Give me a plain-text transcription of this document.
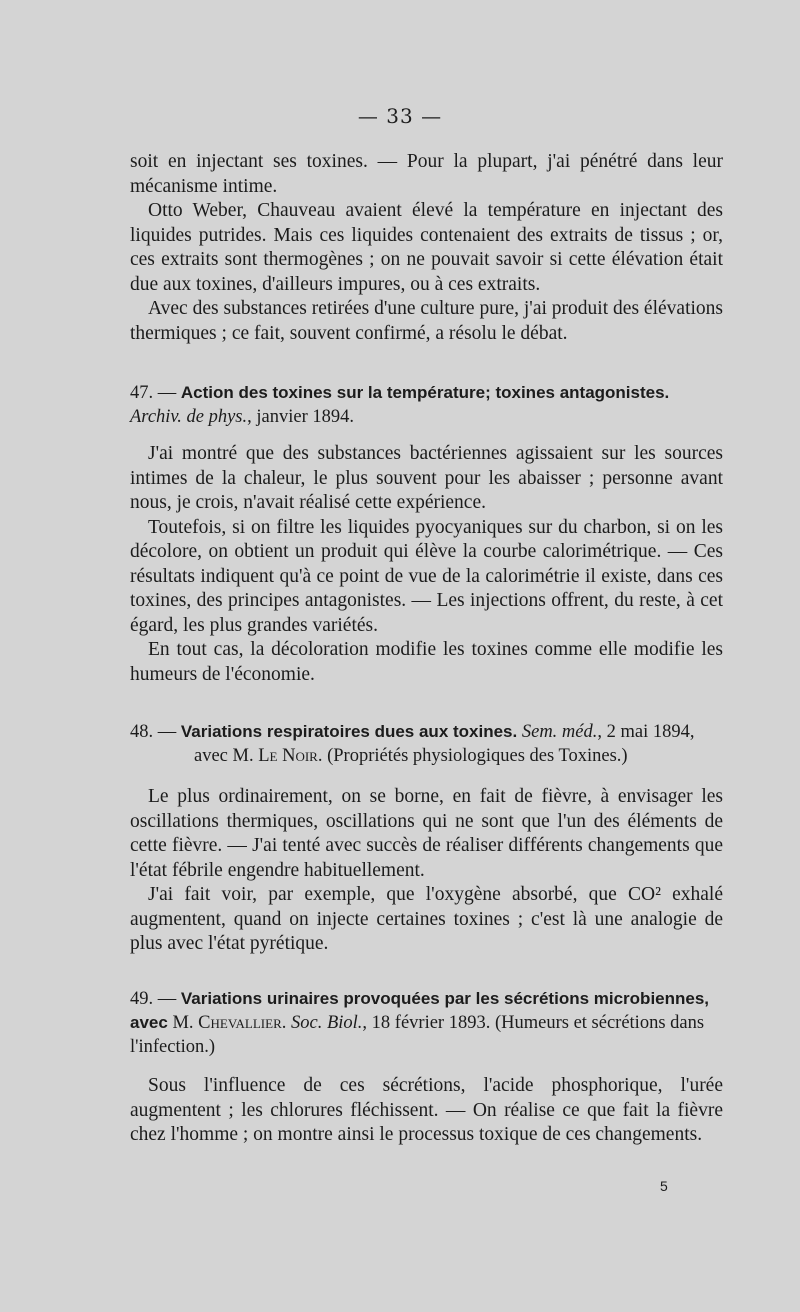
— 33 —

soit en injectant ses toxines. — Pour la plupart, j'ai pénétré dans leur mécanisme intime.

Otto Weber, Chauveau avaient élevé la température en injectant des liquides putrides. Mais ces liquides contenaient des extraits de tissus ; or, ces extraits sont thermogènes ; on ne pouvait savoir si cette élévation était due aux toxines, d'ailleurs impures, ou à ces extraits.

Avec des substances retirées d'une culture pure, j'ai produit des élévations thermiques ; ce fait, souvent confirmé, a résolu le débat.

47. — Action des toxines sur la température; toxines antagonistes. Archiv. de phys., janvier 1894.

J'ai montré que des substances bactériennes agissaient sur les sources intimes de la chaleur, le plus souvent pour les abaisser ; personne avant nous, je crois, n'avait réalisé cette expérience.

Toutefois, si on filtre les liquides pyocyaniques sur du charbon, si on les décolore, on obtient un produit qui élève la courbe calorimétrique. — Ces résultats indiquent qu'à ce point de vue de la calorimétrie il existe, dans ces toxines, des principes antagonistes. — Les injections offrent, du reste, à cet égard, les plus grandes variétés.

En tout cas, la décoloration modifie les toxines comme elle modifie les humeurs de l'économie.

48. — Variations respiratoires dues aux toxines. Sem. méd., 2 mai 1894,
avec M. Le Noir. (Propriétés physiologiques des Toxines.)

Le plus ordinairement, on se borne, en fait de fièvre, à envisager les oscillations thermiques, oscillations qui ne sont que l'un des éléments de cette fièvre. — J'ai tenté avec succès de réaliser différents changements que l'état fébrile engendre habituellement.

J'ai fait voir, par exemple, que l'oxygène absorbé, que CO² exhalé augmentent, quand on injecte certaines toxines ; c'est là une analogie de plus avec l'état pyrétique.

49. — Variations urinaires provoquées par les sécrétions microbiennes, avec M. Chevallier. Soc. Biol., 18 février 1893. (Humeurs et sécrétions dans l'infection.)

Sous l'influence de ces sécrétions, l'acide phosphorique, l'urée augmentent ; les chlorures fléchissent. — On réalise ce que fait la fièvre chez l'homme ; on montre ainsi le processus toxique de ces changements.

5
